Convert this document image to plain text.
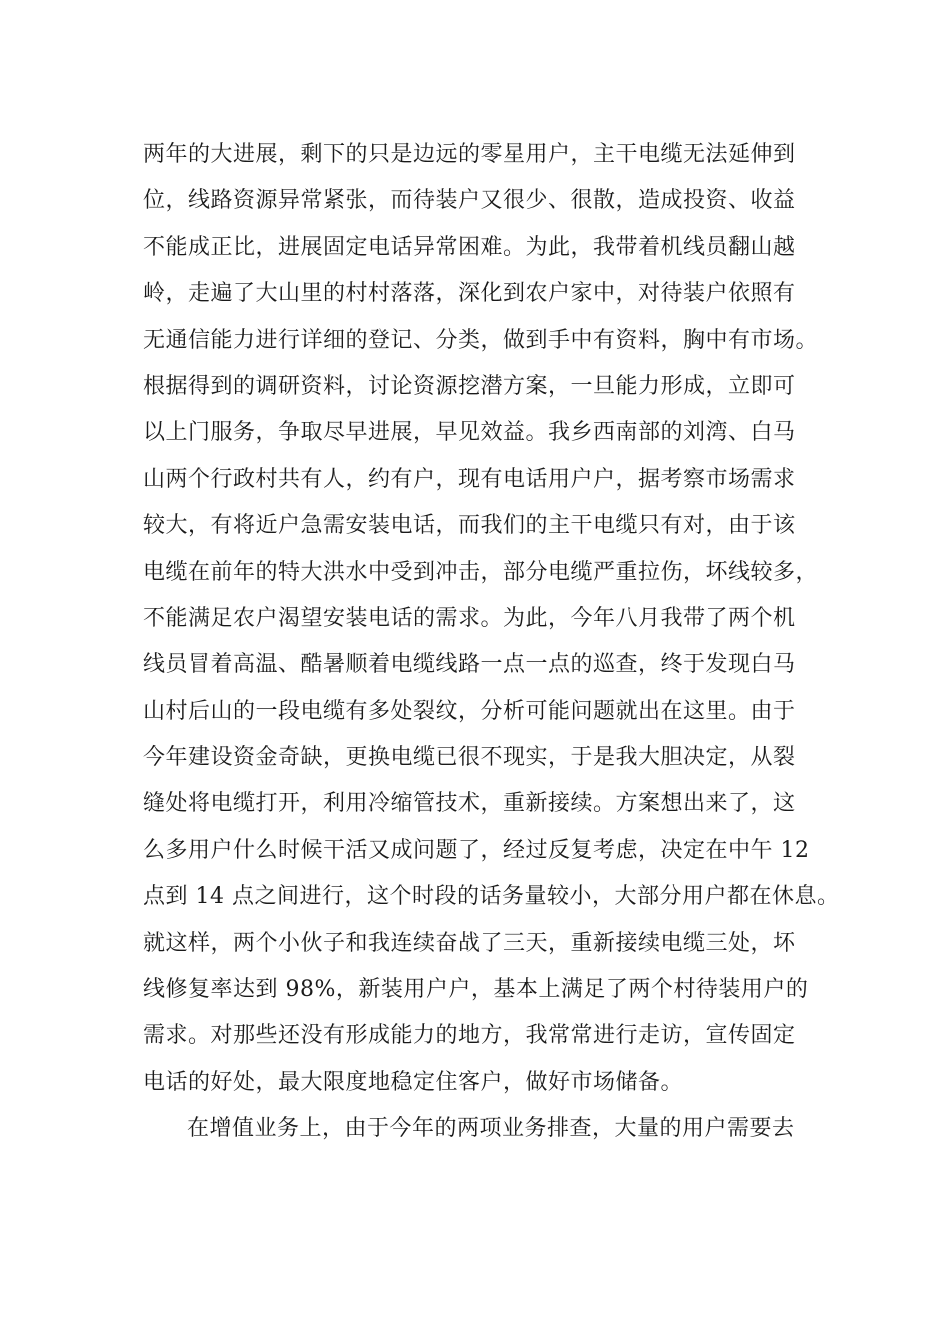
两年的大进展，剩下的只是边远的零星用户，主干电缆无法延伸到
位，线路资源异常紧张，而待装户又很少、很散，造成投资、收益
不能成正比，进展固定电话异常困难。为此，我带着机线员翻山越
岭，走遍了大山里的村村落落，深化到农户家中，对待装户依照有
无通信能力进行详细的登记、分类，做到手中有资料，胸中有市场。
根据得到的调研资料，讨论资源挖潜方案，一旦能力形成，立即可
以上门服务，争取尽早进展，早见效益。我乡西南部的刘湾、白马
山两个行政村共有人，约有户，现有电话用户户，据考察市场需求
较大，有将近户急需安装电话，而我们的主干电缆只有对，由于该
电缆在前年的特大洪水中受到冲击，部分电缆严重拉伤，坏线较多，
不能满足农户渴望安装电话的需求。为此，今年八月我带了两个机
线员冒着高温、酷暑顺着电缆线路一点一点的巡查，终于发现白马
山村后山的一段电缆有多处裂纹，分析可能问题就出在这里。由于
今年建设资金奇缺，更换电缆已很不现实，于是我大胆决定，从裂
缝处将电缆打开，利用冷缩管技术，重新接续。方案想出来了，这
么多用户什么时候干活又成问题了，经过反复考虑，决定在中午 12
点到 14 点之间进行，这个时段的话务量较小，大部分用户都在休息。
就这样，两个小伙子和我连续奋战了三天，重新接续电缆三处，坏
线修复率达到 98%，新装用户户，基本上满足了两个村待装用户的
需求。对那些还没有形成能力的地方，我常常进行走访，宣传固定
电话的好处，最大限度地稳定住客户，做好市场储备。
在增值业务上，由于今年的两项业务排查，大量的用户需要去
